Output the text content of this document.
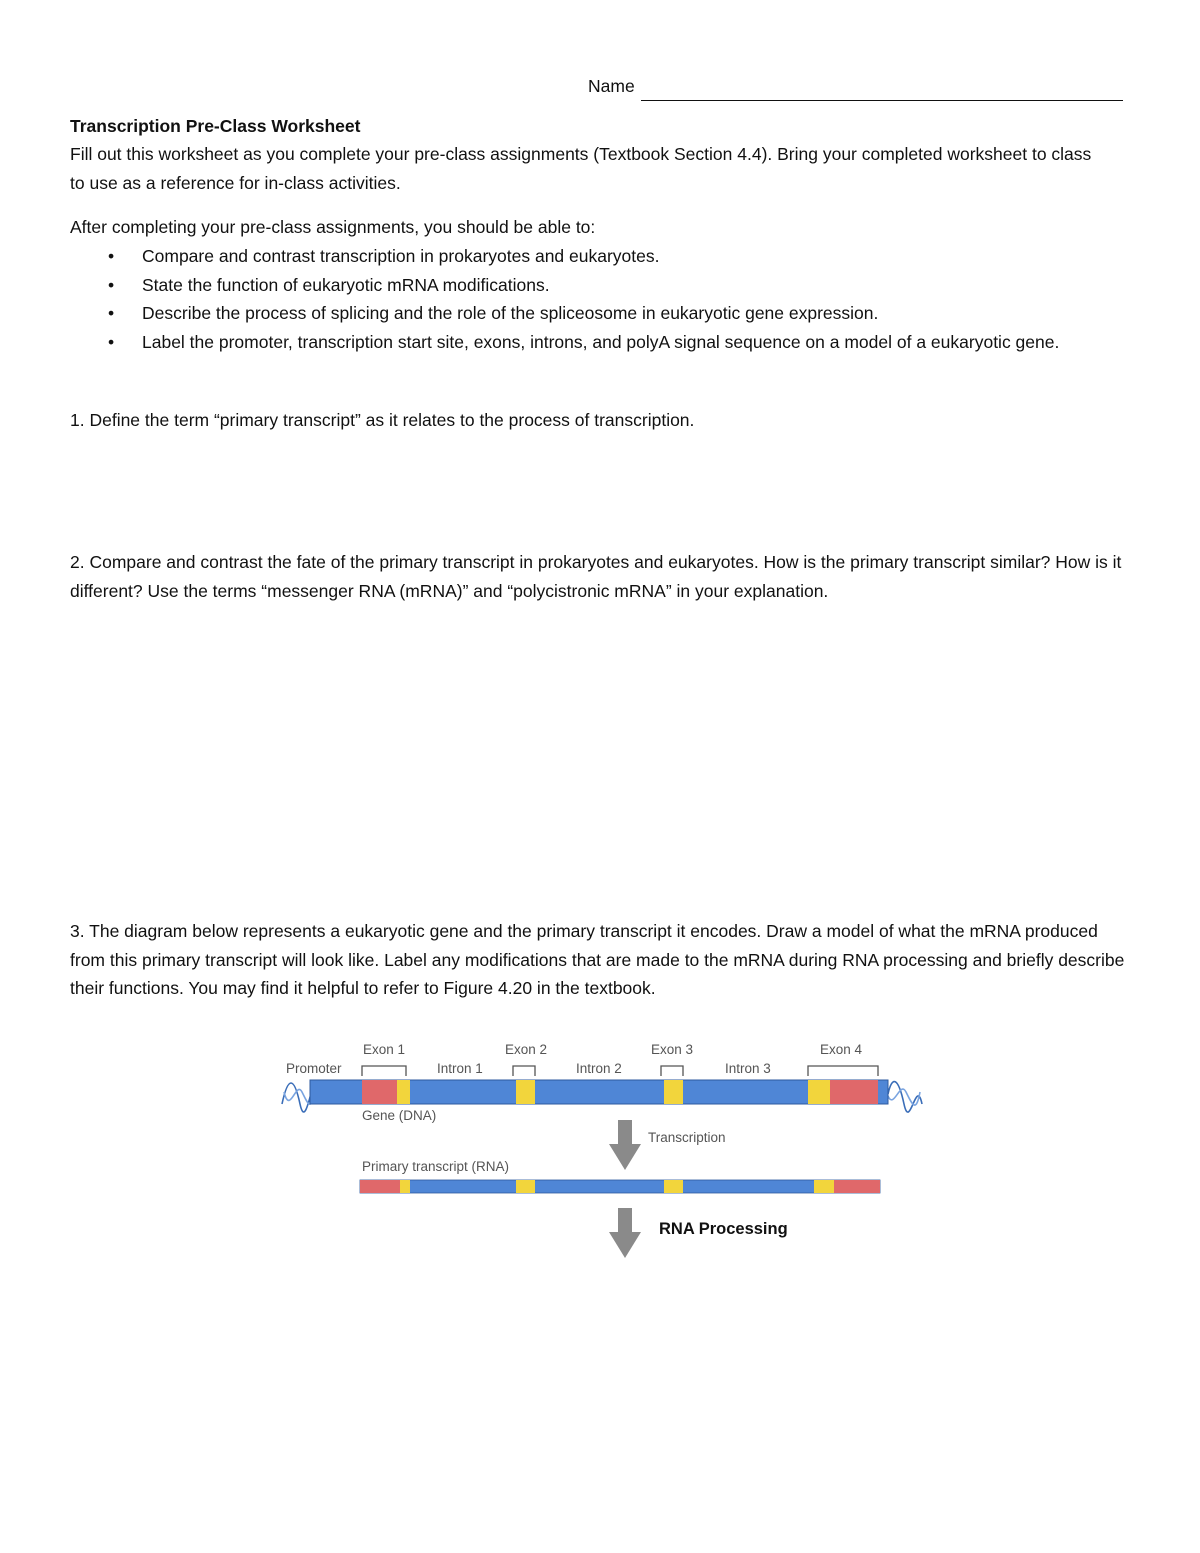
Name
Transcription Pre-Class Worksheet
Fill out this worksheet as you complete your pre-class assignments (Textbook Section 4.4). Bring your completed worksheet to class to use as a reference for in-class activities.
After completing your pre-class assignments, you should be able to:
• Compare and contrast transcription in prokaryotes and eukaryotes.
• State the function of eukaryotic mRNA modifications.
• Describe the process of splicing and the role of the spliceosome in eukaryotic gene expression.
• Label the promoter, transcription start site, exons, introns, and polyA signal sequence on a model of a eukaryotic gene.
1. Define the term “primary transcript” as it relates to the process of transcription.
2. Compare and contrast the fate of the primary transcript in prokaryotes and eukaryotes. How is the primary transcript similar? How is it different? Use the terms “messenger RNA (mRNA)” and “polycistronic mRNA” in your explanation.
3. The diagram below represents a eukaryotic gene and the primary transcript it encodes. Draw a model of what the mRNA produced from this primary transcript will look like. Label any modifications that are made to the mRNA during RNA processing and briefly describe their functions. You may find it helpful to refer to Figure 4.20 in the textbook.
Promoter
Exon 1	Exon 2	Exon 3	Exon 4
Intron 1	Intron 2	Intron 3
Gene (DNA)
Transcription
Primary transcript (RNA)
RNA Processing
